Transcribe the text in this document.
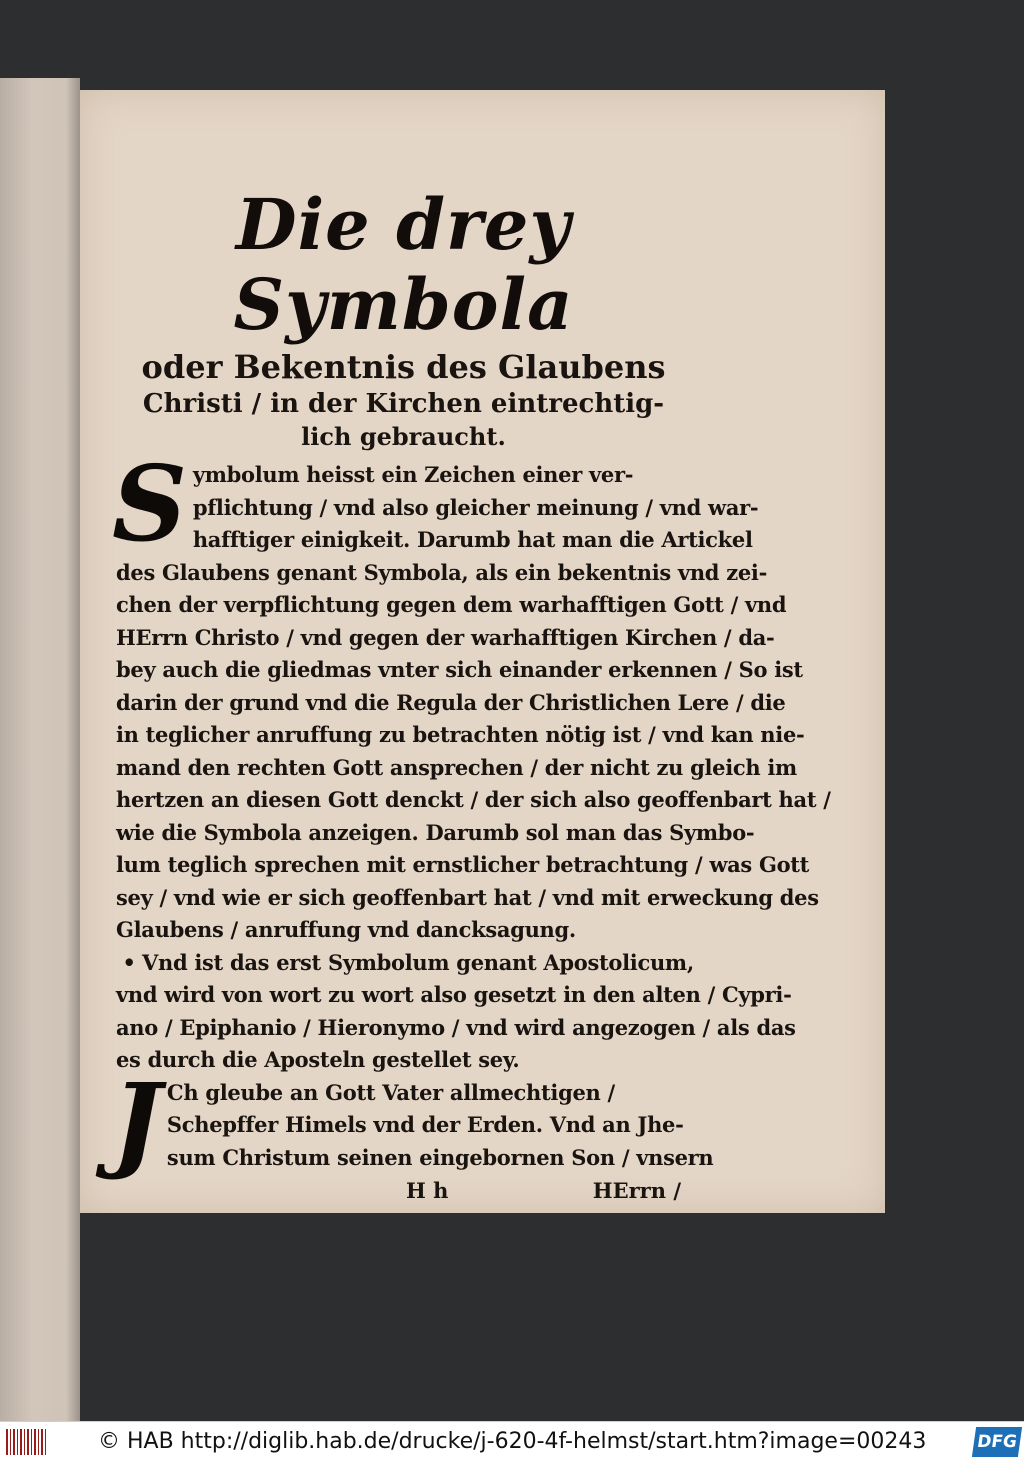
Die drey Symbola

oder Bekentnis des Glaubens

Christi / in der Kirchen eintrechtig-

lich gebraucht.

S ymbolum heisst ein Zeichen einer ver-
pflichtung / vnd also gleicher meinung / vnd war-
hafftiger einigkeit. Darumb hat man die Artickel
des Glaubens genant Symbola, als ein bekentnis vnd zei-
chen der verpflichtung gegen dem warhafftigen Gott / vnd
HErrn Christo / vnd gegen der warhafftigen Kirchen / da-
bey auch die gliedmas vnter sich einander erkennen / So ist
darin der grund vnd die Regula der Christlichen Lere / die
in teglicher anruffung zu betrachten nötig ist / vnd kan nie-
mand den rechten Gott ansprechen / der nicht zu gleich im
hertzen an diesen Gott denckt / der sich also geoffenbart hat /
wie die Symbola anzeigen. Darumb sol man das Symbo-
lum teglich sprechen mit ernstlicher betrachtung / was Gott
sey / vnd wie er sich geoffenbart hat / vnd mit erweckung des
Glaubens / anruffung vnd dancksagung.
• Vnd ist das erst Symbolum genant Apostolicum,
vnd wird von wort zu wort also gesetzt in den alten / Cypri-
ano / Epiphanio / Hieronymo / vnd wird angezogen / als das
es durch die Aposteln gestellet sey.
J Ch gleube an Gott Vater allmechtigen /
Schepffer Himels vnd der Erden. Vnd an Jhe-
sum Christum seinen eingebornen Son / vnsern
H h	HErrn /
© HAB http://diglib.hab.de/drucke/j-620-4f-helmst/start.htm?image=00243	DFG
